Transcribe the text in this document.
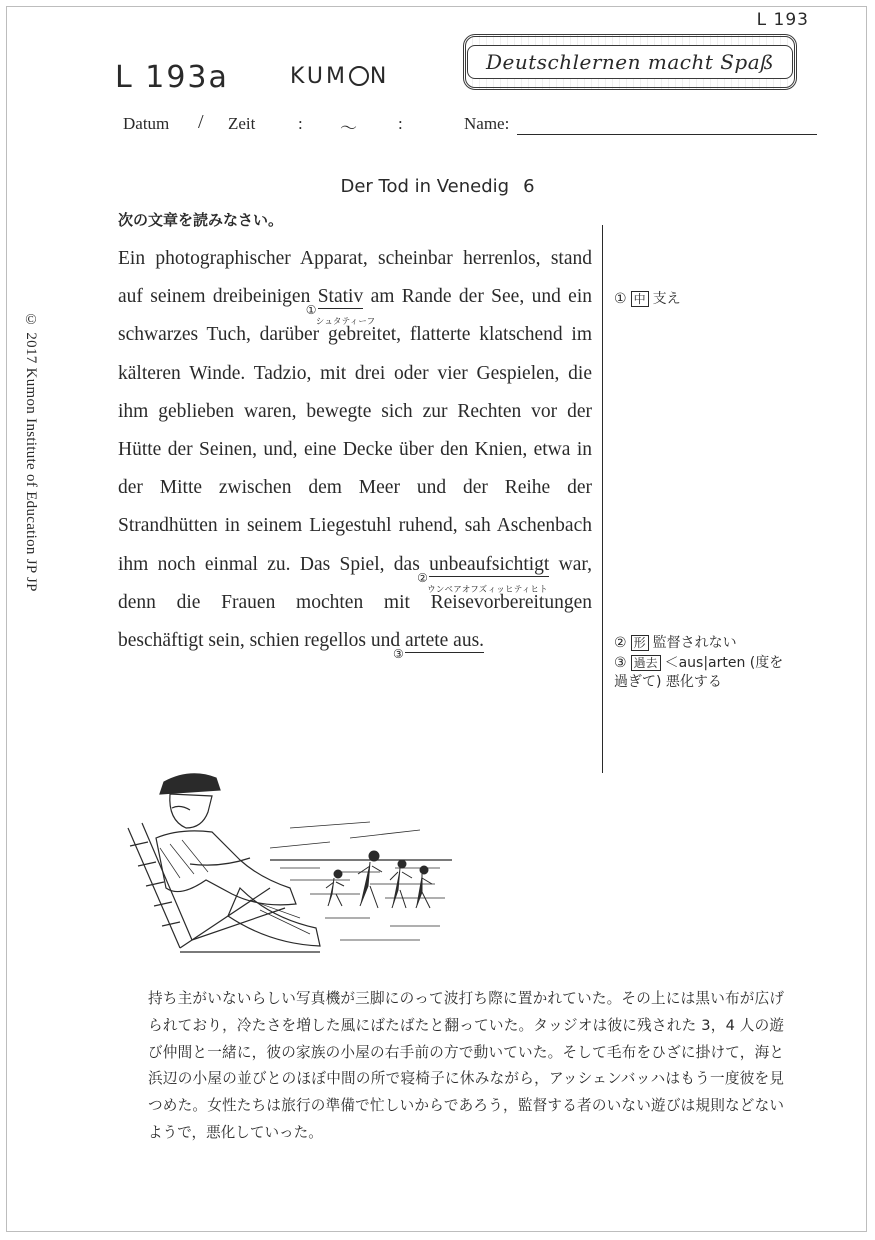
L 193
L 193a	KUM N
Deutschlernen macht Spaß
Datum / Zeit	: 〜 :	Name:
Der Tod in Venedig 6
次の文章を読みなさい。
© 2017 Kumon Institute of Education JP JP
Ein photographischer Apparat, scheinbar herrenlos, stand auf seinem dreibeinigen
①
Stativ
シュタティーフ
am Rande der See, und ein schwarzes Tuch, darüber gebreitet, flatterte klatschend im kälteren Winde. Tadzio, mit drei oder vier Gespielen, die ihm geblieben waren, bewegte sich zur Rechten vor der Hütte der Seinen, und, eine Decke über den Knien, etwa in der Mitte zwischen dem Meer und der Reihe der Strandhütten in seinem Liegestuhl ruhend, sah Aschenbach ihm noch einmal zu. Das Spiel, das
②
unbeaufsichtigt
ウンベアオフズィッヒティヒト
war, denn die Frauen mochten mit Reisevorbereitungen beschäftigt sein, schien regellos und
③
artete aus.
① 中 支え
② 形 監督されない
③ 過去 ＜aus|arten (度を
過ぎて) 悪化する
持ち主がいないらしい写真機が三脚にのって波打ち際に置かれていた。その上には黒い布が広げられており，冷たさを増した風にばたばたと翻っていた。タッジオは彼に残された 3，4 人の遊び仲間と一緒に，彼の家族の小屋の右手前の方で動いていた。そして毛布をひざに掛けて，海と浜辺の小屋の並びとのほぼ中間の所で寝椅子に休みながら，アッシェンバッハはもう一度彼を見つめた。女性たちは旅行の準備で忙しいからであろう，監督する者のいない遊びは規則などないようで，悪化していった。
